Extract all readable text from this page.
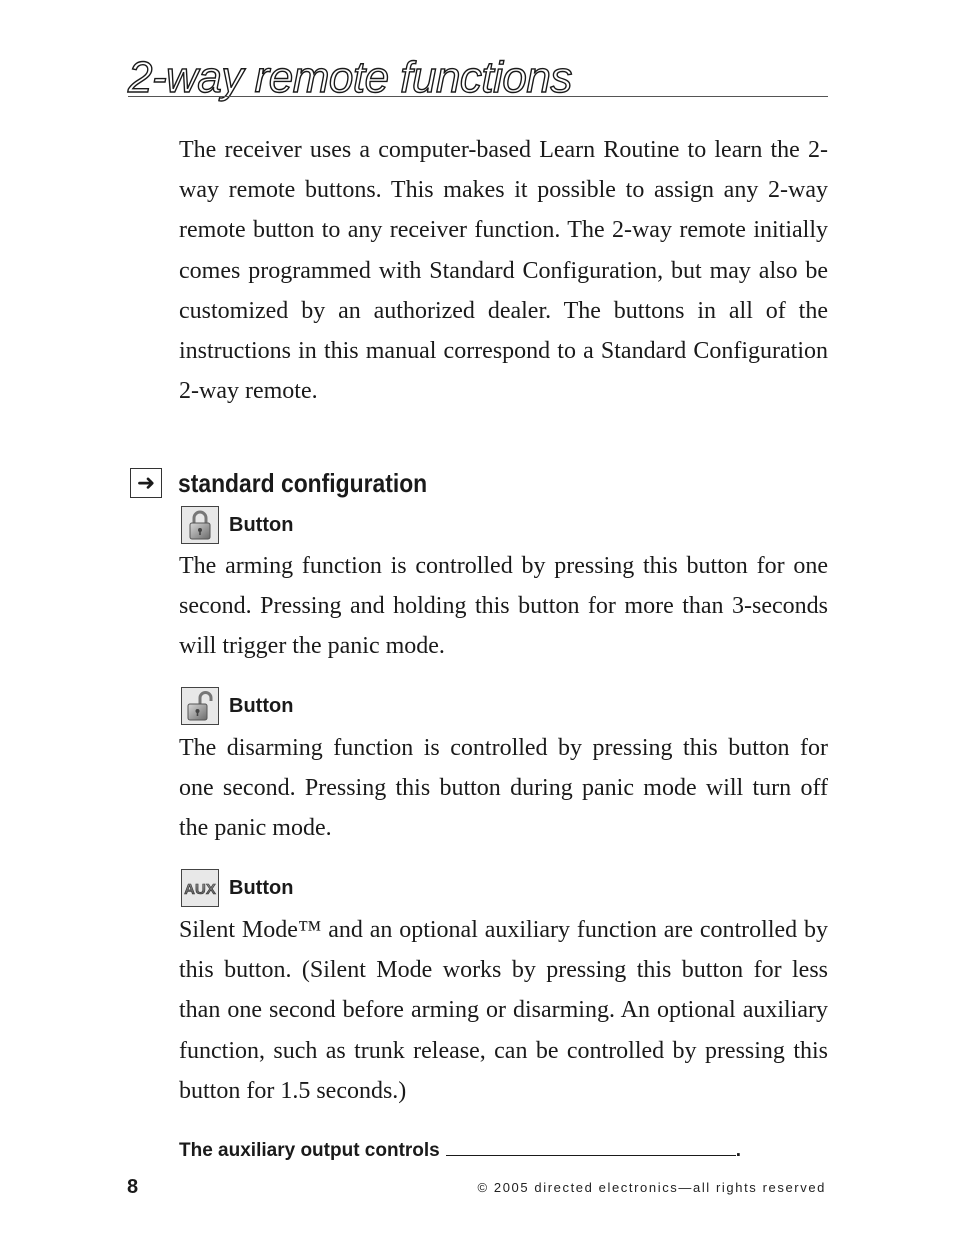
2-way remote functions

The receiver uses a computer-based Learn Routine to learn the 2-way remote buttons. This makes it possible to assign any 2-way remote button to any receiver function. The 2-way remote initially comes programmed with Standard Configuration, but may also be customized by an authorized dealer. The buttons in all of the instructions in this manual correspond to a Standard Configuration 2-way remote.

➜ standard configuration
Button

The arming function is controlled by pressing this button for one second. Pressing and holding this button for more than 3-seconds will trigger the panic mode.

Button

The disarming function is controlled by pressing this button for one second. Pressing this button during panic mode will turn off the panic mode.

AUX Button

Silent Mode™ and an optional auxiliary function are controlled by this button. (Silent Mode works by pressing this button for less than one second before arming or disarming. An optional auxiliary function, such as trunk release, can be controlled by pressing this button for 1.5 seconds.)

The auxiliary output controls	.
8	© 2005 directed electronics—all rights reserved
